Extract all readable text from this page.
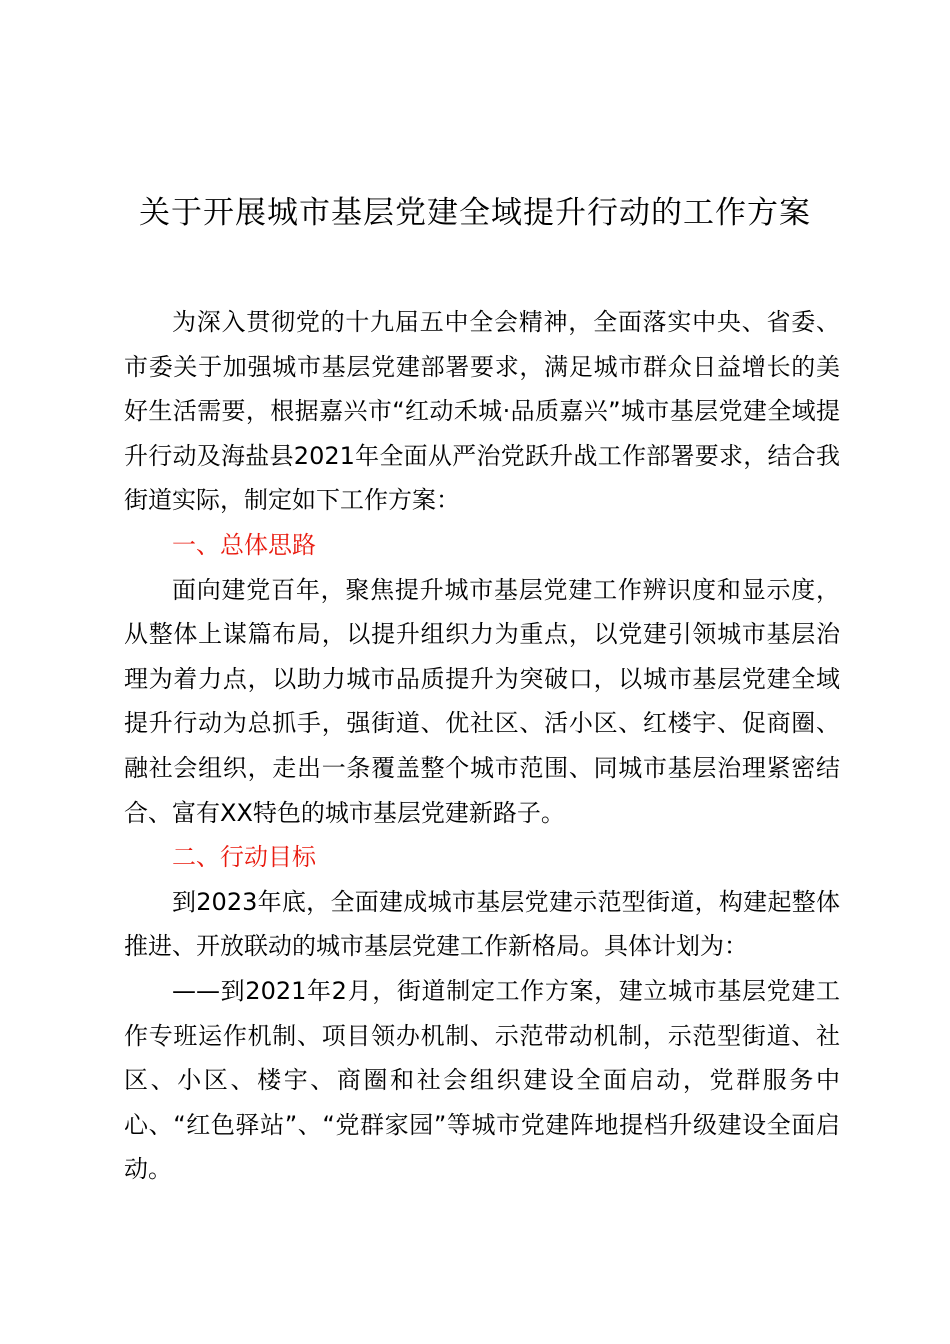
关于开展城市基层党建全域提升行动的工作方案

为深入贯彻党的十九届五中全会精神，全面落实中央、省委、市委关于加强城市基层党建部署要求，满足城市群众日益增长的美好生活需要，根据嘉兴市“红动禾城·品质嘉兴”城市基层党建全域提升行动及海盐县2021年全面从严治党跃升战工作部署要求，结合我街道实际，制定如下工作方案：

一、总体思路

面向建党百年，聚焦提升城市基层党建工作辨识度和显示度，从整体上谋篇布局，以提升组织力为重点，以党建引领城市基层治理为着力点，以助力城市品质提升为突破口，以城市基层党建全域提升行动为总抓手，强街道、优社区、活小区、红楼宇、促商圈、融社会组织，走出一条覆盖整个城市范围、同城市基层治理紧密结合、富有XX特色的城市基层党建新路子。

二、行动目标

到2023年底，全面建成城市基层党建示范型街道，构建起整体推进、开放联动的城市基层党建工作新格局。具体计划为：

——到2021年2月，街道制定工作方案，建立城市基层党建工作专班运作机制、项目领办机制、示范带动机制，示范型街道、社区、小区、楼宇、商圈和社会组织建设全面启动，党群服务中心、“红色驿站”、“党群家园”等城市党建阵地提档升级建设全面启动。
